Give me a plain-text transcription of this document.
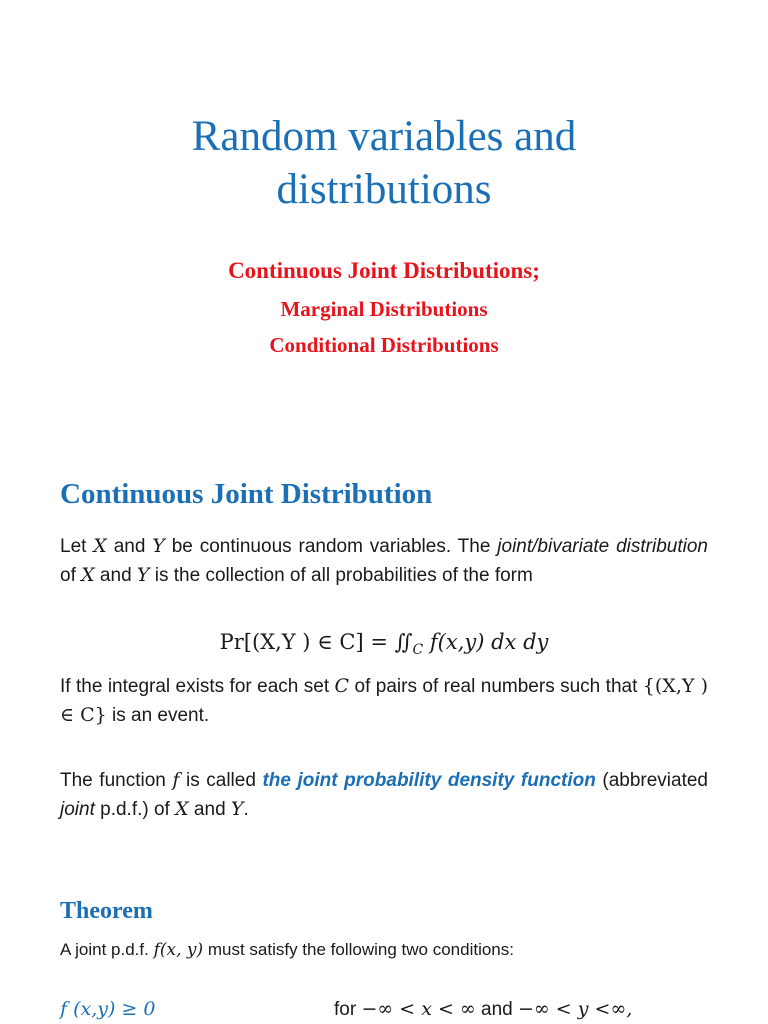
Random variables and
distributions
Continuous Joint Distributions;
Marginal Distributions
Conditional Distributions
Continuous Joint Distribution
Let X and Y be continuous random variables. The joint/bivariate distribution of X and Y is the collection of all probabilities of the form
Pr[(X,Y ) ∈ $C] = ∬_C$ f(x,y) dx dy
If the integral exists for each set C of pairs of real numbers such that {(X,Y ) ∈ C} is an event.
The function f is called the joint probability density function (abbreviated joint p.d.f.) of X and Y.
Theorem
A joint p.d.f. f(x, y) must satisfy the following two conditions:
f (x,y) ≥ 0	for −∞ < x < ∞ and −∞ < y <∞,
